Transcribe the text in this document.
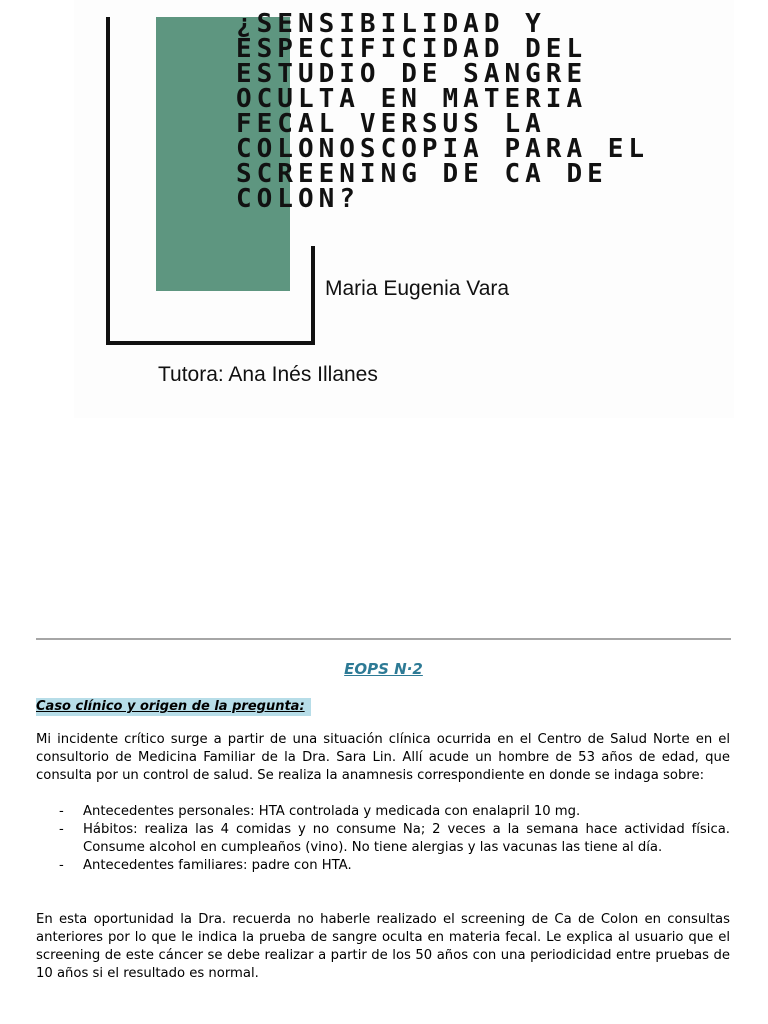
¿SENSIBILIDAD Y
ESPECIFICIDAD DEL
ESTUDIO DE SANGRE
OCULTA EN MATERIA
FECAL VERSUS LA
COLONOSCOPIA PARA EL
SCREENING DE CA DE
COLON?
Maria Eugenia Vara
Tutora: Ana Inés Illanes
EOPS N·2
Caso clínico y origen de la pregunta:

Mi incidente crítico surge a partir de una situación clínica ocurrida en el Centro de Salud Norte en el consultorio de Medicina Familiar de la Dra. Sara Lin. Allí acude un hombre de 53 años de edad, que consulta por un control de salud. Se realiza la anamnesis correspondiente en donde se indaga sobre:

- Antecedentes personales: HTA controlada y medicada con enalapril 10 mg.
- Hábitos: realiza las 4 comidas y no consume Na; 2 veces a la semana hace actividad física. Consume alcohol en cumpleaños (vino). No tiene alergias y las vacunas las tiene al día.
- Antecedentes familiares: padre con HTA.

En esta oportunidad la Dra. recuerda no haberle realizado el screening de Ca de Colon en consultas anteriores por lo que le indica la prueba de sangre oculta en materia fecal. Le explica al usuario que el screening de este cáncer se debe realizar a partir de los 50 años con una periodicidad entre pruebas de 10 años si el resultado es normal.
